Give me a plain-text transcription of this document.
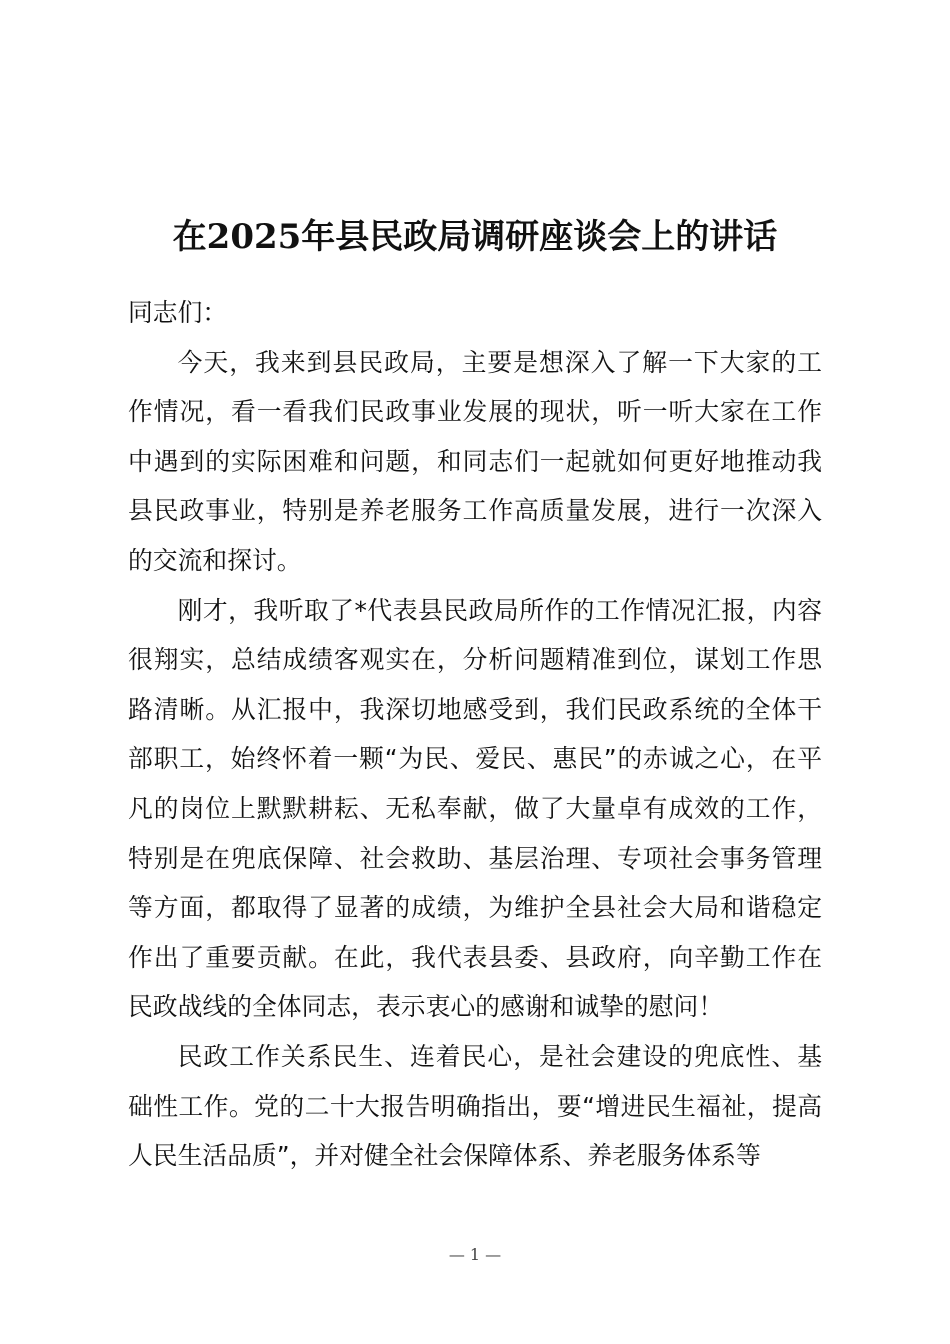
在2025年县民政局调研座谈会上的讲话

同志们：

今天，我来到县民政局，主要是想深入了解一下大家的工作情况，看一看我们民政事业发展的现状，听一听大家在工作中遇到的实际困难和问题，和同志们一起就如何更好地推动我县民政事业，特别是养老服务工作高质量发展，进行一次深入的交流和探讨。

刚才，我听取了*代表县民政局所作的工作情况汇报，内容很翔实，总结成绩客观实在，分析问题精准到位，谋划工作思路清晰。从汇报中，我深切地感受到，我们民政系统的全体干部职工，始终怀着一颗“为民、爱民、惠民”的赤诚之心，在平凡的岗位上默默耕耘、无私奉献，做了大量卓有成效的工作，特别是在兜底保障、社会救助、基层治理、专项社会事务管理等方面，都取得了显著的成绩，为维护全县社会大局和谐稳定作出了重要贡献。在此，我代表县委、县政府，向辛勤工作在民政战线的全体同志，表示衷心的感谢和诚挚的慰问！

民政工作关系民生、连着民心，是社会建设的兜底性、基础性工作。党的二十大报告明确指出，要“增进民生福祉，提高人民生活品质”，并对健全社会保障体系、养老服务体系等

— 1 —
